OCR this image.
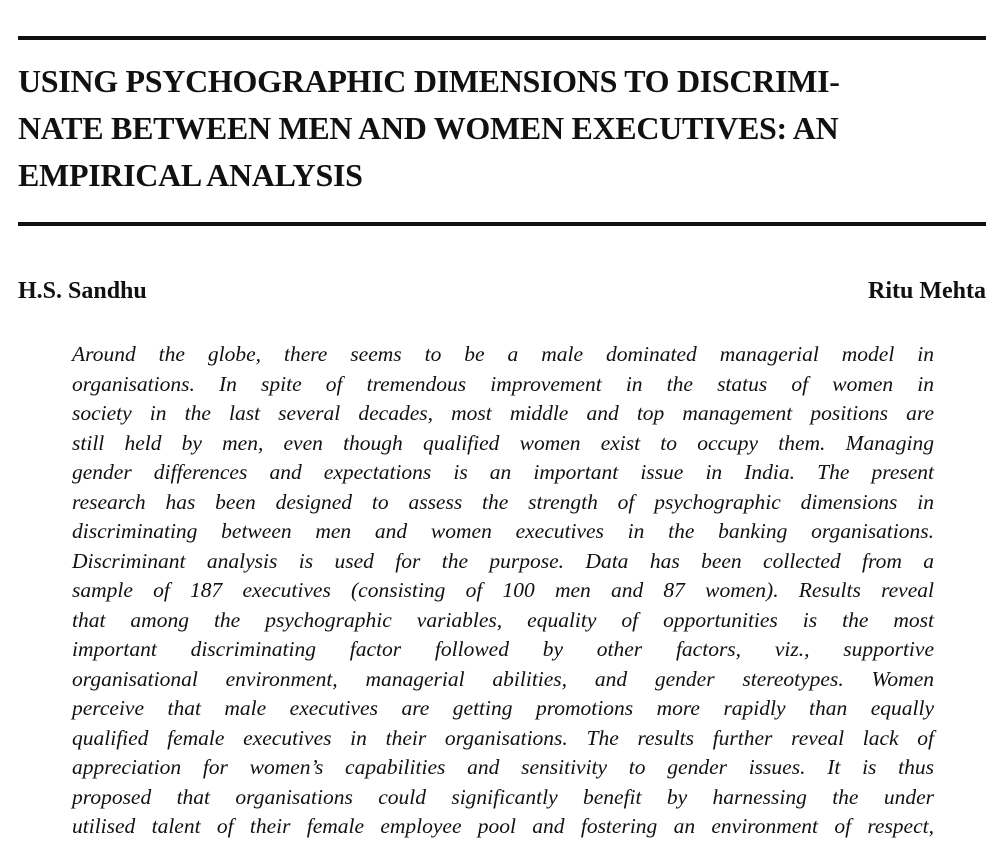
USING PSYCHOGRAPHIC DIMENSIONS TO DISCRIMI-
NATE BETWEEN MEN AND WOMEN EXECUTIVES: AN
EMPIRICAL ANALYSIS
H.S. Sandhu	Ritu Mehta
Around the globe, there seems to be a male dominated managerial model in
organisations. In spite of tremendous improvement in the status of women in
society in the last several decades, most middle and top management positions are
still held by men, even though qualified women exist to occupy them. Managing
gender differences and expectations is an important issue in India. The present
research has been designed to assess the strength of psychographic dimensions in
discriminating between men and women executives in the banking organisations.
Discriminant analysis is used for the purpose. Data has been collected from a
sample of 187 executives (consisting of 100 men and 87 women). Results reveal
that among the psychographic variables, equality of opportunities is the most
important discriminating factor followed by other factors, viz., supportive
organisational environment, managerial abilities, and gender stereotypes. Women
perceive that male executives are getting promotions more rapidly than equally
qualified female executives in their organisations. The results further reveal lack of
appreciation for women’s capabilities and sensitivity to gender issues. It is thus
proposed that organisations could significantly benefit by harnessing the under
utilised talent of their female employee pool and fostering an environment of respect,
